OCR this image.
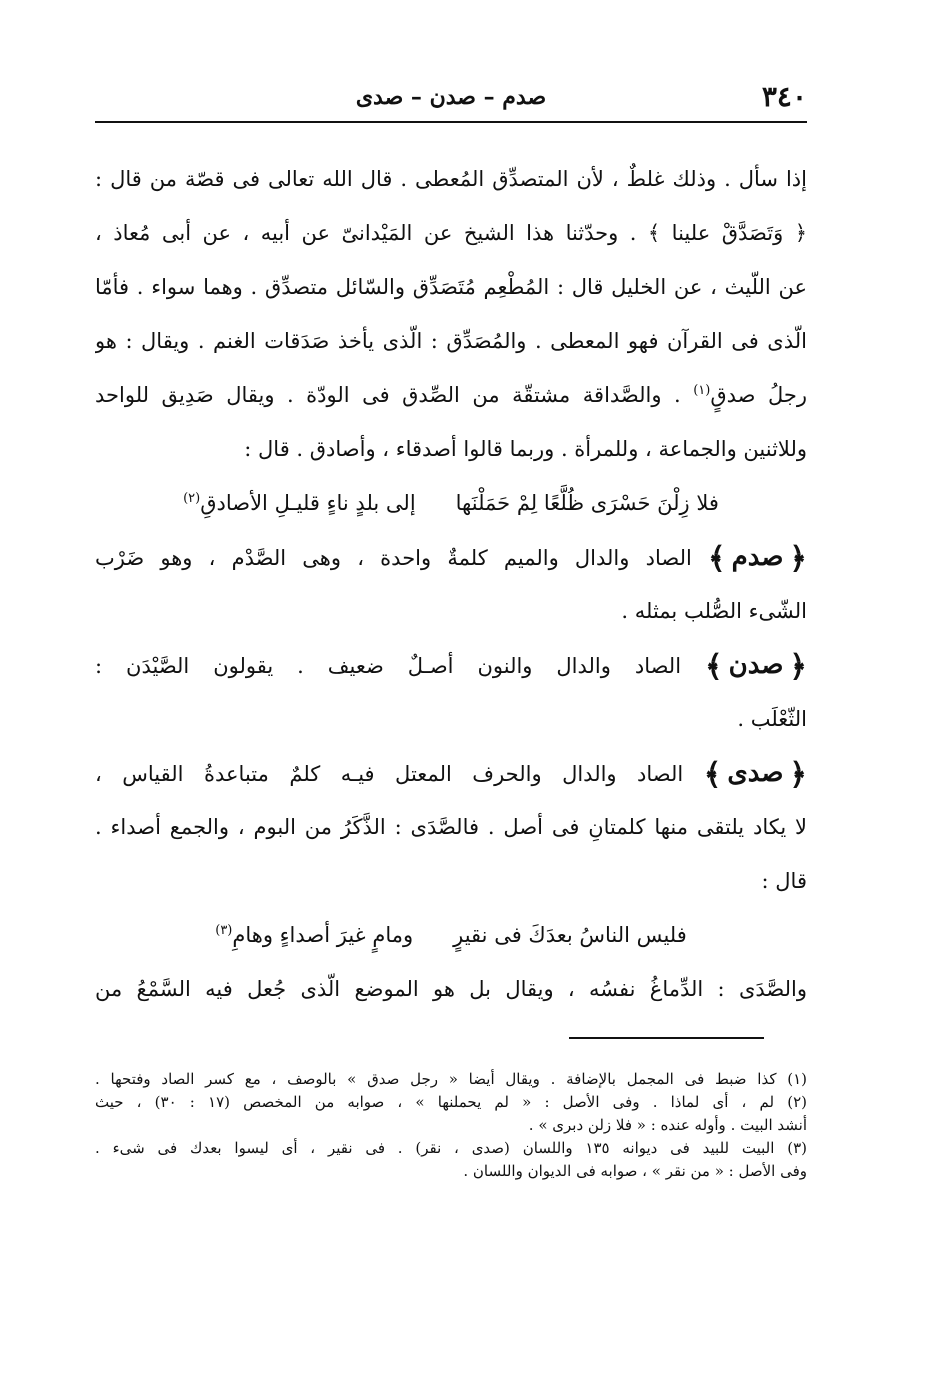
٣٤٠
صدم – صدن – صدى
إذا سأل . وذلك غلطٌ ، لأن المتصدِّق المُعطى . قال الله تعالى فى قصّة من قال :
﴿ وَتَصَدَّقْ علينا ﴾ . وحدّثنا هذا الشيخ عن المَيْدانىّ عن أبيه ، عن أبى مُعاذ ،
عن اللّيث ، عن الخليل قال : المُطْعِم مُتَصَدِّق والسّائل متصدِّق . وهما سواء . فأمّا
الّذى فى القرآن فهو المعطى . والمُصَدِّق : الّذى يأخذ صَدَقات الغنم . ويقال : هو
رجلُ صدقٍ$^{(١)}$ . والصَّداقة مشتقّة من الصِّدق فى الودّة . ويقال صَدِيق للواحد
وللاثنين والجماعة ، وللمرأة . وربما قالوا أصدقاء ، وأصادق . قال :
فلا زِلْنَ حَسْرَى ظُلَّعًا لِمْ حَمَلْنَها
إلى بلدٍ ناءٍ قليـلِ الأصادقِ$^{(٢)}$
﴿صدم﴾ الصاد والدال والميم كلمةٌ واحدة ، وهى الصَّدْم ، وهو ضَرْب
الشّىء الصُّلب بمثله .
﴿صدن﴾ الصاد والدال والنون أصـلٌ ضعيف . يقولون الصَّيْدَن :
الثّعْلَب .
﴿صدى﴾ الصاد والدال والحرف المعتل فيـه كلمٌ متباعدةُ القياس ،
لا يكاد يلتقى منها كلمتانِ فى أصل . فالصَّدَى : الذَّكَرُ من البوم ، والجمع أصداء .
قال :
فليس الناسُ بعدَكَ فى نقيرٍ
ومامٍ غيرَ أصداءٍ وهامِ$^{(٣)}$
والصَّدَى : الدِّماغُ نفسُه ، ويقال بل هو الموضع الّذى جُعل فيه السَّمْعُ من
(١) كذا ضبط فى المجمل بالإضافة . ويقال أيضا « رجل صدق » بالوصف ، مع كسر الصاد وفتحها .
(٢) لم ، أى لماذا . وفى الأصل : « لم يحملنها » ، صوابه من المخصص (١٧ : ٣٠) ، حيث
أنشد البيت . وأوله عنده : « فلا زلن دبرى » .
(٣) البيت للبيد فى ديوانه ١٣٥ واللسان (صدى ، نقر) . فى نقير ، أى ليسوا بعدك فى شىء .
وفى الأصل : « من نقر » ، صوابه فى الديوان واللسان .
